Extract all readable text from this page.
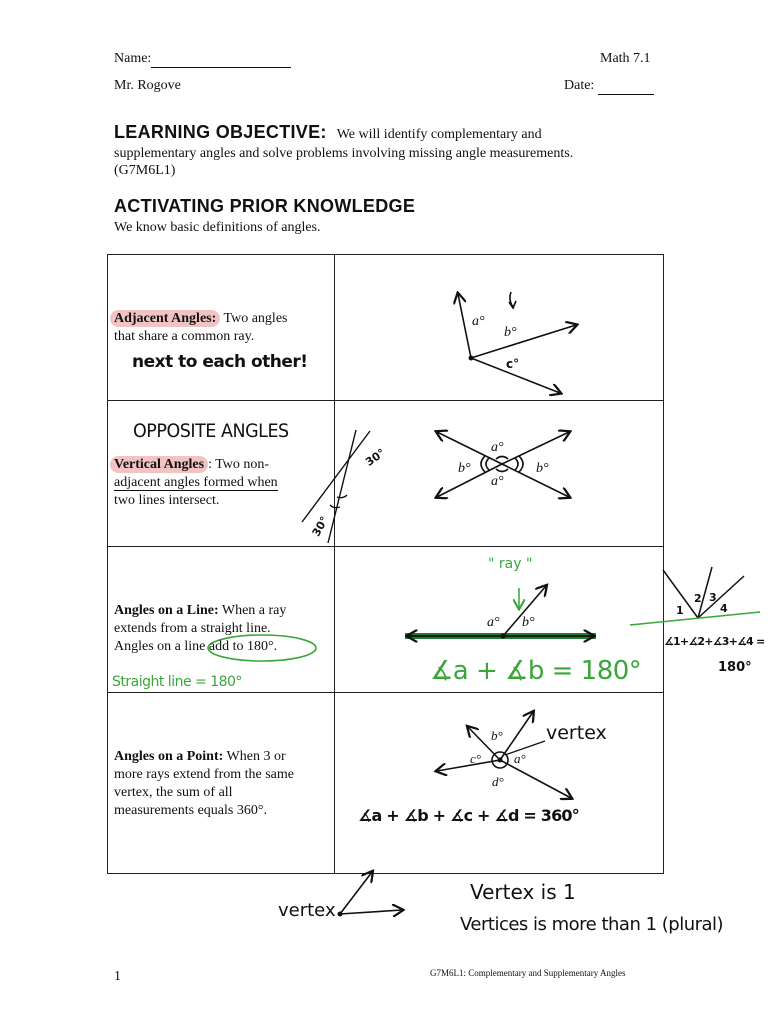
Name:	Math 7.1
Mr. Rogove	Date:
LEARNING OBJECTIVE: We will identify complementary and
supplementary angles and solve problems involving missing angle measurements.
(G7M6L1)
ACTIVATING PRIOR KNOWLEDGE
We know basic definitions of angles.
Adjacent Angles: Two angles
that share a common ray.
next to each other!
a°
b°
c°
OPPOSITE ANGLES
Vertical Angles : Two non-
adjacent angles formed when
two lines intersect.
30°
30°
a°
b°	b°
a°
Angles on a Line: When a ray
extends from a straight line.
Angles on a line add to 180°.
Straight line = 180°
" ray "
a° b°
∡a + ∡b = 180°
1
2 3
4
∡1+∡2+∡3+∡4 =
180°
Angles on a Point: When 3 or
more rays extend from the same
vertex, the sum of all
measurements equals 360°.
vertex
b°
a°
c°
d°
∡a + ∡b + ∡c + ∡d = 360°
vertex
Vertex is 1
Vertices is more than 1 (plural)
1	G7M6L1: Complementary and Supplementary Angles
